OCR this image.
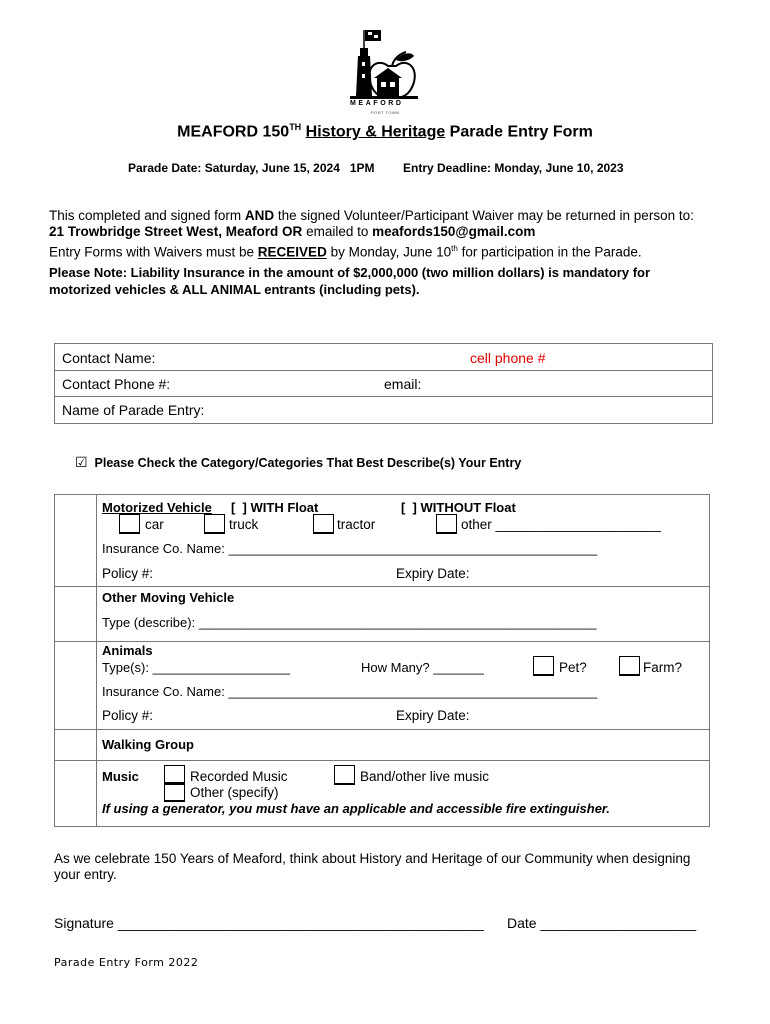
MEAFORD
PORT TOWN
MEAFORD 150TH History & Heritage Parade Entry Form
Parade Date: Saturday, June 15, 2024   1PM Entry Deadline: Monday, June 10, 2023
This completed and signed form AND the signed Volunteer/Participant Waiver may be returned in person to:
21 Trowbridge Street West, Meaford OR emailed to meafords150@gmail.com
Entry Forms with Waivers must be RECEIVED by Monday, June 10th for participation in the Parade.
Please Note: Liability Insurance in the amount of $2,000,000 (two million dollars) is mandatory for
motorized vehicles & ALL ANIMAL entrants (including pets).
Contact Name:	cell phone #
Contact Phone #:	email:
Name of Parade Entry:
☑ Please Check the Category/Categories That Best Describe(s) Your Entry
Motorized Vehicle [  ] WITH Float	[  ] WITHOUT Float
car	truck	tractor	other ______________________
Insurance Co. Name: ___________________________________________________
Policy #:	Expiry Date:
Other Moving Vehicle
Type (describe): _______________________________________________________
Animals
Type(s): ___________________	How Many? _______	Pet?	Farm?
Insurance Co. Name: ___________________________________________________
Policy #:	Expiry Date:
Walking Group
Music	Recorded Music	Band/other live music
Other (specify)
If using a generator, you must have an applicable and accessible fire extinguisher.
As we celebrate 150 Years of Meaford, think about History and Heritage of our Community when designing
your entry.
Signature _______________________________________________ Date ____________________
Parade Entry Form 2022
